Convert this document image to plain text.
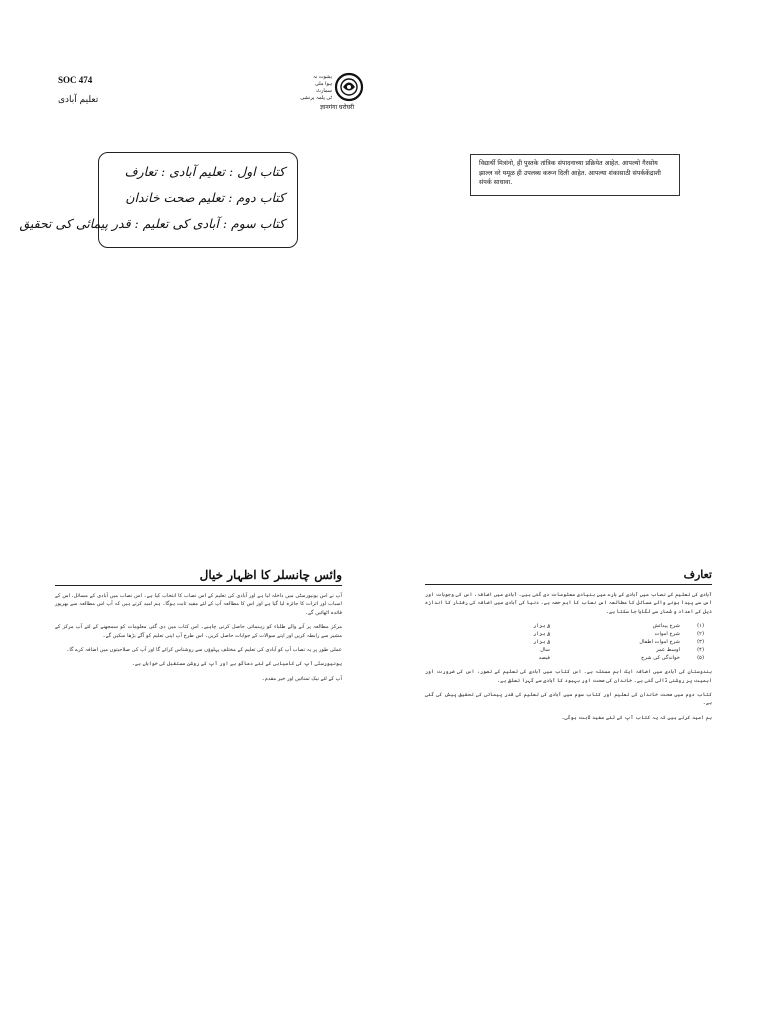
SOC 474
تعلیم آبادی
یشوت نہ
ہوا ملی
سمارٹ
ٹی پلمہ پرنشی
ज्ञानगंगा घरोघरी
کتاب اول : تعلیم آبادی : تعارف
کتاب دوم : تعلیم صحت خاندان
کتاب سوم : آبادی کی تعلیم : قدر پیمائی کی تحقیق
विद्यार्थी मित्रांनो, ही पुस्तके तांत्रिक संपादनाच्या प्रक्रियेत आहेत. आपल्याे गैरसोय झाल्ल वरे यमूळ ही उपलब्ध करून दिली आहेत. आपल्या शंकासाठी संपर्ककेंद्राशी संपर्क साधावा.
وائس چانسلر کا اظہار خیال

آپ نے اس یونیورسٹی میں داخلہ لیا ہے اور آبادی کی تعلیم کے اس نصاب کا انتخاب کیا ہے۔ اس نصاب میں آبادی کے مسائل، اس کے اسباب اور اثرات کا جائزہ لیا گیا ہے اور اس کا مطالعہ آپ کے لئے مفید ثابت ہوگا۔ ہم امید کرتے ہیں کہ آپ اس مطالعہ سے بھرپور فائدہ اٹھائیں گے۔

مرکز مطالعہ پر آنے والے طلباء کو رہنمائی حاصل کرنی چاہیے۔ اس کتاب میں دی گئی معلومات کو سمجھنے کے لئے آپ مرکز کے مشیر سے رابطہ کریں اور اپنے سوالات کے جوابات حاصل کریں۔ اس طرح آپ اپنی تعلیم کو آگے بڑھا سکیں گے۔

عملی طور پر یہ نصاب آپ کو آبادی کی تعلیم کے مختلف پہلوؤں سے روشناس کرائے گا اور آپ کی صلاحیتوں میں اضافہ کرے گا۔

یونیورسٹی آپ کی کامیابی کے لئے دعاگو ہے اور آپ کے روشن مستقبل کی خواہاں ہے۔

آپ کے لئے نیک تمنائیں اور خیر مقدم۔

تعارف

آبادی کی تعلیم کے نصاب میں آبادی کے بارے میں بنیادی معلومات دی گئی ہیں۔ آبادی میں اضافہ، اس کی وجوہات اور اس سے پیدا ہونے والے مسائل کا مطالعہ اس نصاب کا اہم حصہ ہے۔ دنیا کی آبادی میں اضافہ کی رفتار کا اندازہ ذیل کے اعداد و شمار سے لگایا جا سکتا ہے۔

(۱)
شرح پیدائش
فی ہزار
(۲)
شرح اموات
فی ہزار
(۳)
شرح اموات اطفال
فی ہزار
(۴)
اوسط عمر
سال
(۵)
خواندگی کی شرح
فیصد

ہندوستان کی آبادی میں اضافہ ایک اہم مسئلہ ہے۔ اس کتاب میں آبادی کی تعلیم کے تصور، اس کی ضرورت اور اہمیت پر روشنی ڈالی گئی ہے۔ خاندان کی صحت اور بہبود کا آبادی سے گہرا تعلق ہے۔

کتاب دوم میں صحت خاندان کی تعلیم اور کتاب سوم میں آبادی کی تعلیم کی قدر پیمائی کی تحقیق پیش کی گئی ہے۔

ہم امید کرتے ہیں کہ یہ کتاب آپ کے لئے مفید ثابت ہوگی۔
